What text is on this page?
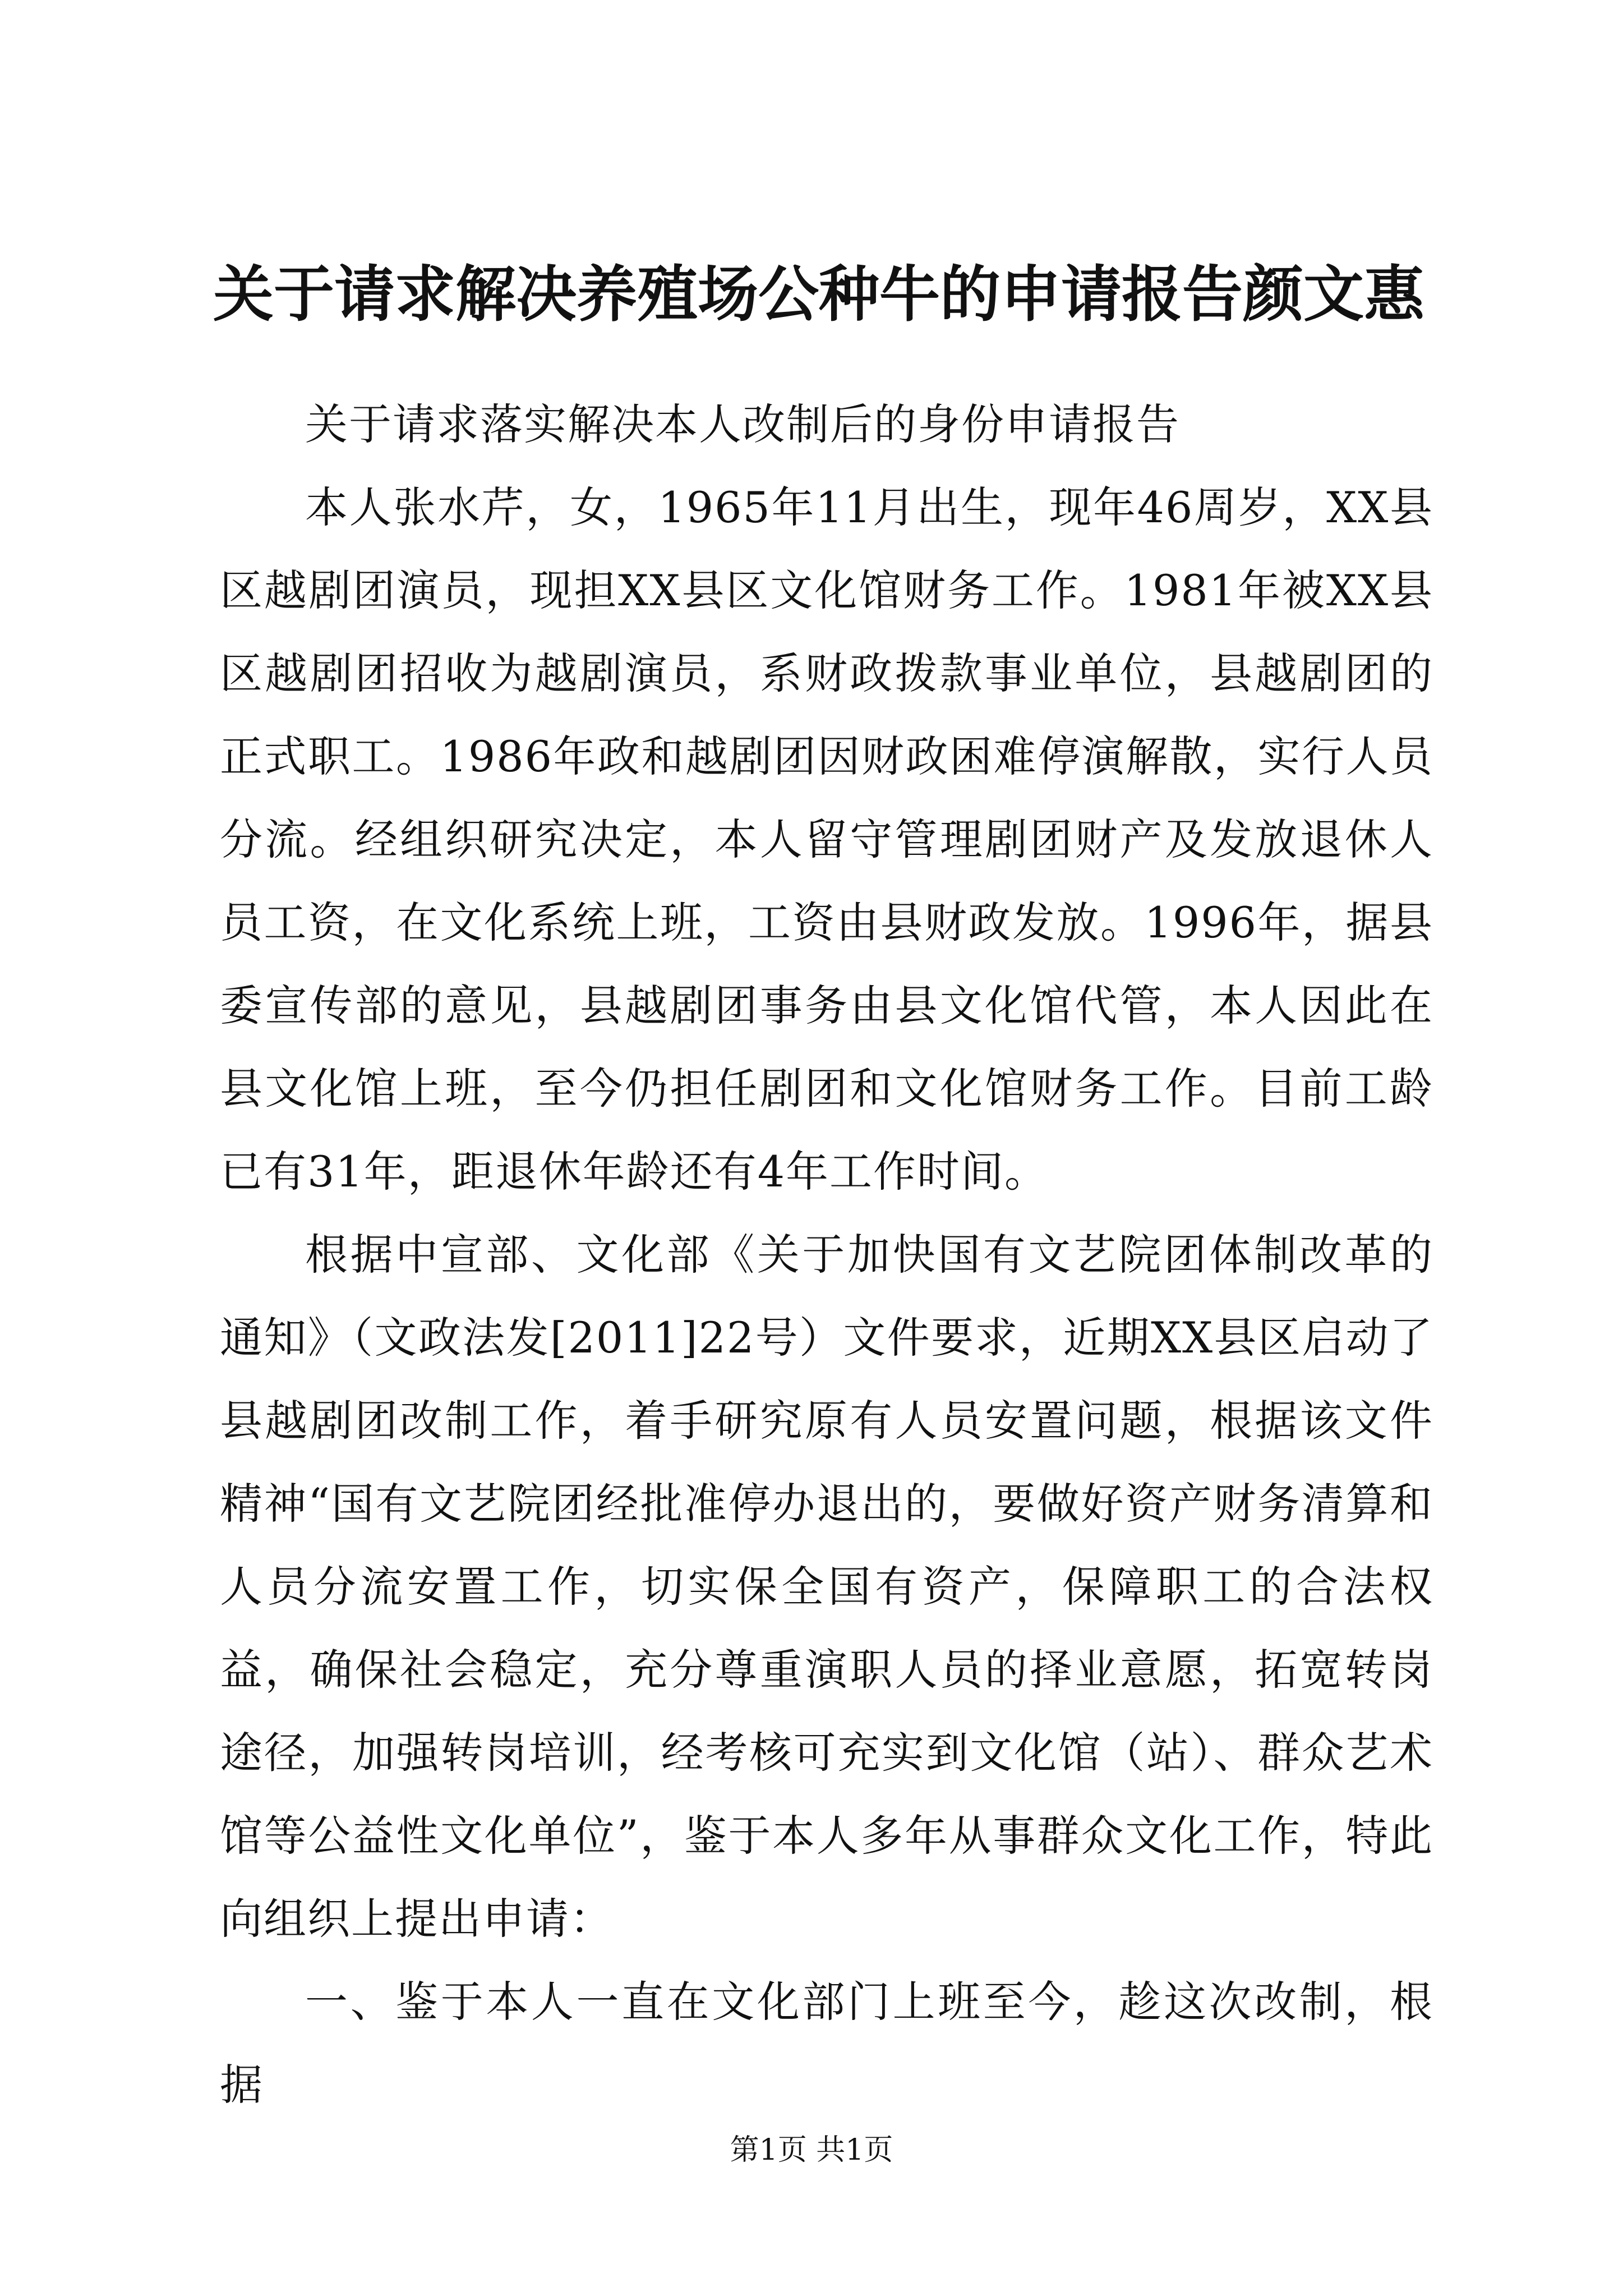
关于请求解决养殖场公种牛的申请报告颜文惠

关于请求落实解决本人改制后的身份申请报告

本人张水芹，女，1965年11月出生，现年46周岁，XX县区越剧团演员，现担XX县区文化馆财务工作。1981年被XX县区越剧团招收为越剧演员，系财政拨款事业单位，县越剧团的正式职工。1986年政和越剧团因财政困难停演解散，实行人员分流。经组织研究决定，本人留守管理剧团财产及发放退休人员工资，在文化系统上班，工资由县财政发放。1996年，据县委宣传部的意见，县越剧团事务由县文化馆代管，本人因此在县文化馆上班，至今仍担任剧团和文化馆财务工作。目前工龄已有31年，距退休年龄还有4年工作时间。

根据中宣部、文化部《关于加快国有文艺院团体制改革的通知》（文政法发[2011]22号）文件要求，近期XX县区启动了县越剧团改制工作，着手研究原有人员安置问题，根据该文件精神“国有文艺院团经批准停办退出的，要做好资产财务清算和人员分流安置工作，切实保全国有资产，保障职工的合法权益，确保社会稳定，充分尊重演职人员的择业意愿，拓宽转岗途径，加强转岗培训，经考核可充实到文化馆（站）、群众艺术馆等公益性文化单位”，鉴于本人多年从事群众文化工作，特此向组织上提出申请：

一、鉴于本人一直在文化部门上班至今，趁这次改制，根据

第1页 共1页
